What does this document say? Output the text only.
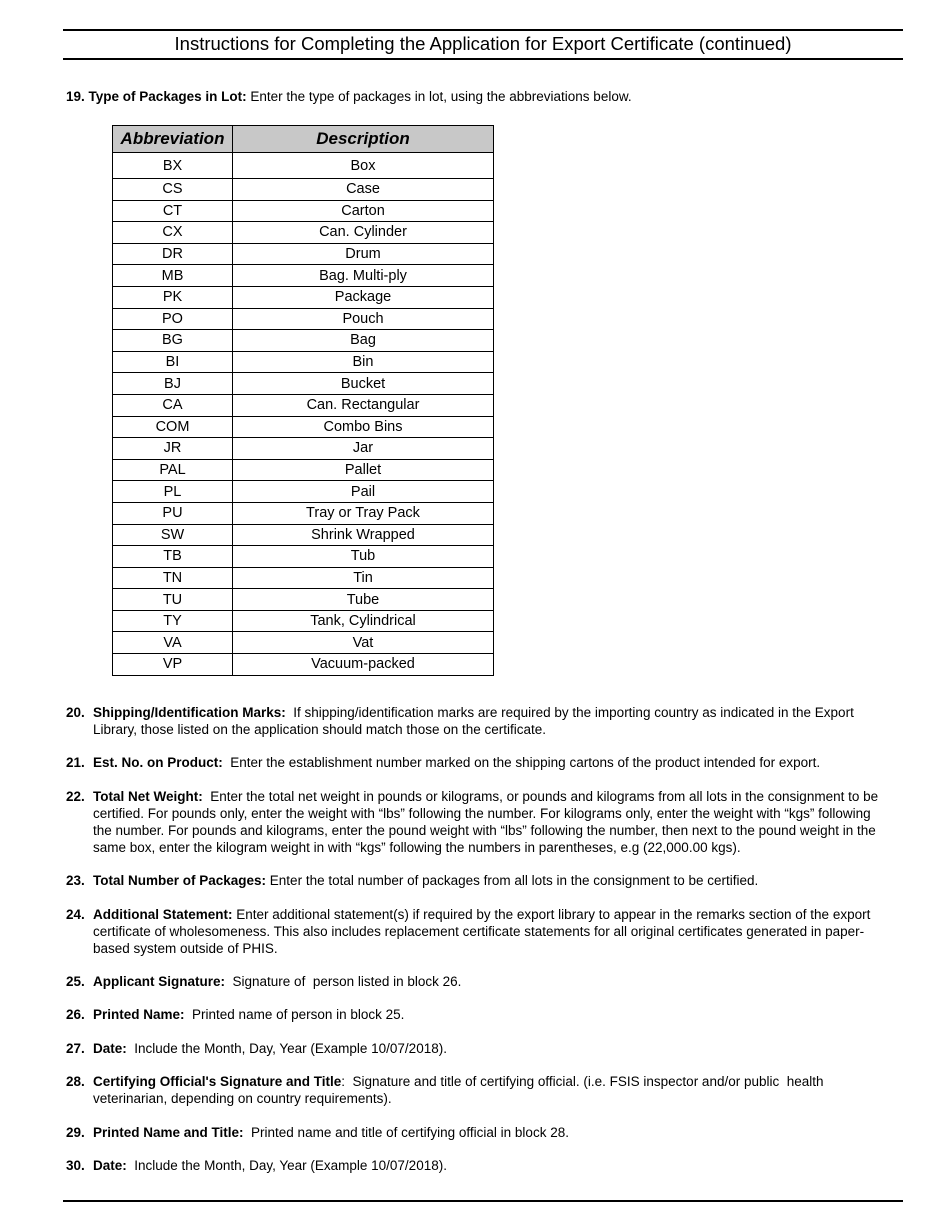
Instructions for Completing the Application for Export Certificate (continued)
19. Type of Packages in Lot: Enter the type of packages in lot, using the abbreviations below.
Abbreviation	Description
BX	Box
CS	Case
CT	Carton
CX	Can. Cylinder
DR	Drum
MB	Bag. Multi-ply
PK	Package
PO	Pouch
BG	Bag
BI	Bin
BJ	Bucket
CA	Can. Rectangular
COM	Combo Bins
JR	Jar
PAL	Pallet
PL	Pail
PU	Tray or Tray Pack
SW	Shrink Wrapped
TB	Tub
TN	Tin
TU	Tube
TY	Tank, Cylindrical
VA	Vat
VP	Vacuum-packed
20. Shipping/Identification Marks:  If shipping/identification marks are required by the importing country as indicated in the Export Library, those listed on the application should match those on the certificate.
21. Est. No. on Product:  Enter the establishment number marked on the shipping cartons of the product intended for export.
22. Total Net Weight:  Enter the total net weight in pounds or kilograms, or pounds and kilograms from all lots in the consignment to be certified. For pounds only, enter the weight with “lbs” following the number. For kilograms only, enter the weight with “kgs” following the number. For pounds and kilograms, enter the pound weight with “lbs” following the number, then next to the pound weight in the same box, enter the kilogram weight in with “kgs” following the numbers in parentheses, e.g (22,000.00 kgs).
23. Total Number of Packages: Enter the total number of packages from all lots in the consignment to be certified.
24. Additional Statement: Enter additional statement(s) if required by the export library to appear in the remarks section of the export certificate of wholesomeness. This also includes replacement certificate statements for all original certificates generated in paper-based system outside of PHIS.
25. Applicant Signature:  Signature of  person listed in block 26.
26. Printed Name:  Printed name of person in block 25.
27. Date:  Include the Month, Day, Year (Example 10/07/2018).
28. Certifying Official's Signature and Title:  Signature and title of certifying official. (i.e. FSIS inspector and/or public  health veterinarian, depending on country requirements).
29. Printed Name and Title:  Printed name and title of certifying official in block 28.
30. Date:  Include the Month, Day, Year (Example 10/07/2018).
